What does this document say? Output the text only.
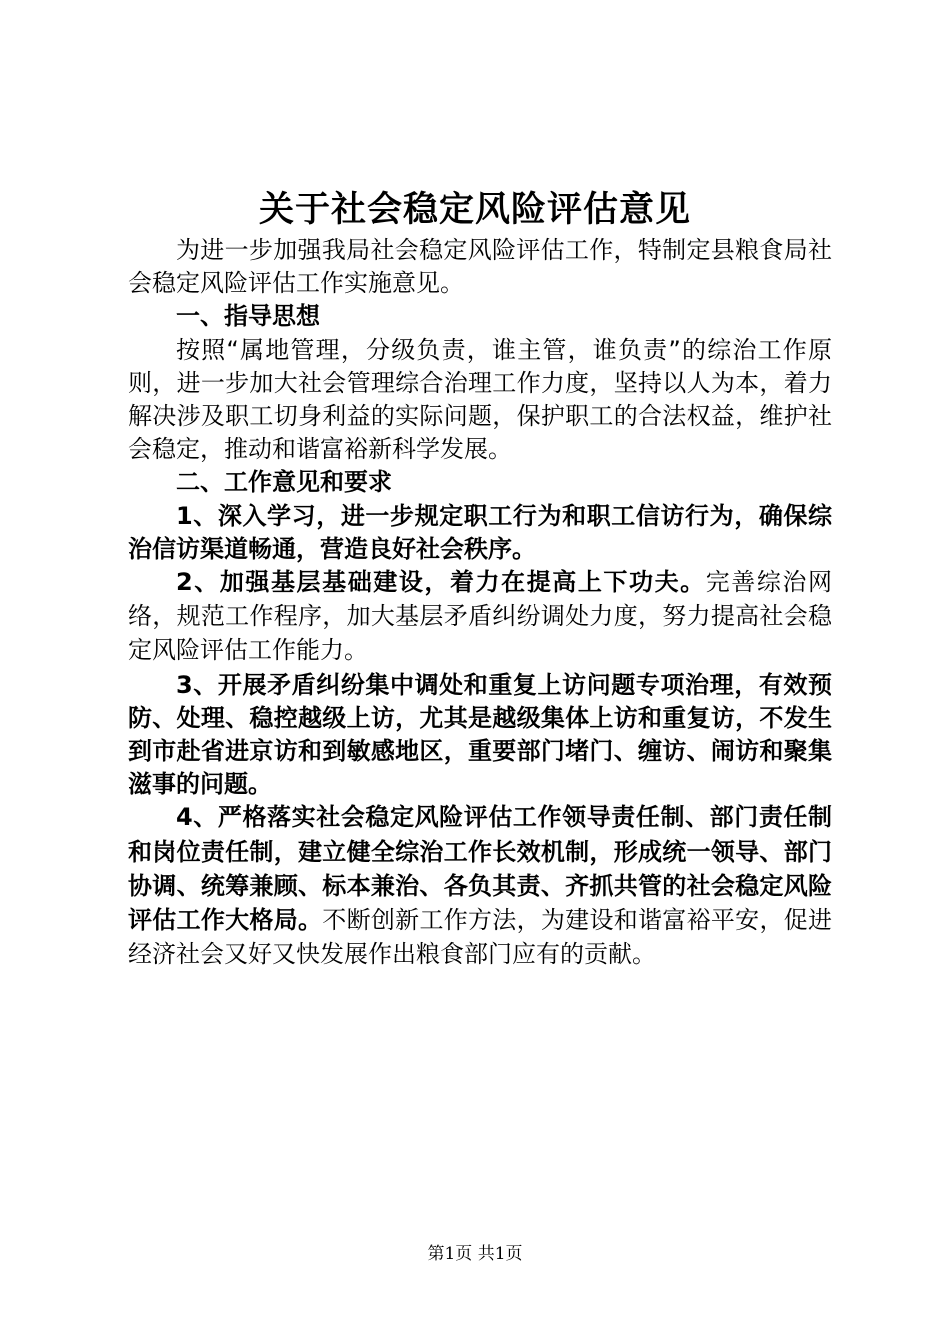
关于社会稳定风险评估意见

为进一步加强我局社会稳定风险评估工作，特制定县粮食局社会稳定风险评估工作实施意见。

一、指导思想

按照“属地管理，分级负责，谁主管，谁负责”的综治工作原则，进一步加大社会管理综合治理工作力度，坚持以人为本，着力解决涉及职工切身利益的实际问题，保护职工的合法权益，维护社会稳定，推动和谐富裕新科学发展。

二、工作意见和要求

1、深入学习，进一步规定职工行为和职工信访行为，确保综治信访渠道畅通，营造良好社会秩序。

2、加强基层基础建设，着力在提高上下功夫。完善综治网络，规范工作程序，加大基层矛盾纠纷调处力度，努力提高社会稳定风险评估工作能力。

3、开展矛盾纠纷集中调处和重复上访问题专项治理，有效预防、处理、稳控越级上访，尤其是越级集体上访和重复访，不发生到市赴省进京访和到敏感地区，重要部门堵门、缠访、闹访和聚集滋事的问题。

4、严格落实社会稳定风险评估工作领导责任制、部门责任制和岗位责任制，建立健全综治工作长效机制，形成统一领导、部门协调、统筹兼顾、标本兼治、各负其责、齐抓共管的社会稳定风险评估工作大格局。不断创新工作方法，为建设和谐富裕平安，促进经济社会又好又快发展作出粮食部门应有的贡献。

第1页 共1页
